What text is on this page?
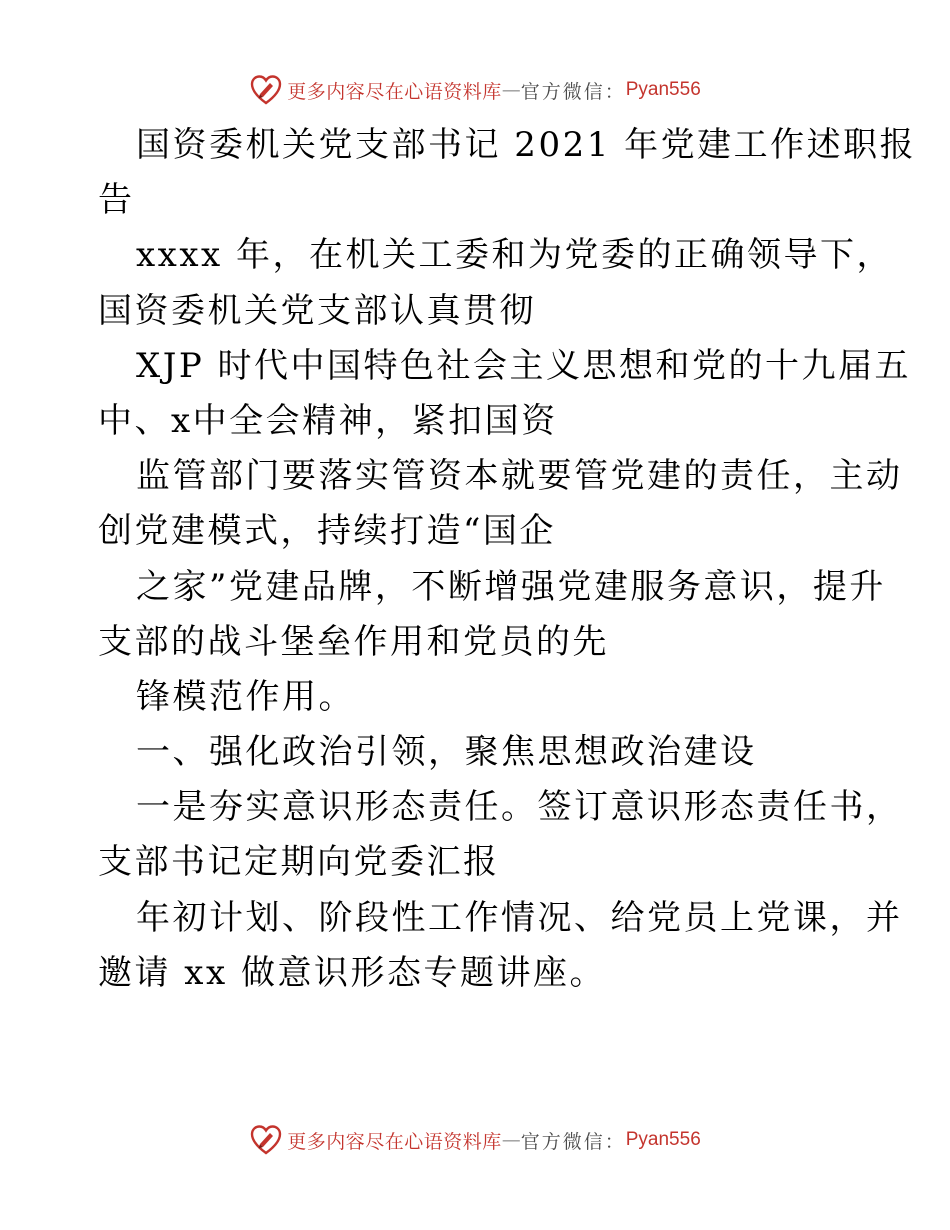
更多内容尽在心语资料库 — 官方微信： Pyan556
国资委机关党支部书记 2021 年党建工作述职报
告
xxxx 年，在机关工委和为党委的正确领导下，
国资委机关党支部认真贯彻
XJP 时代中国特色社会主义思想和党的十九届五
中、x中全会精神，紧扣国资
监管部门要落实管资本就要管党建的责任，主动
创党建模式，持续打造“国企
之家”党建品牌，不断增强党建服务意识，提升
支部的战斗堡垒作用和党员的先
锋模范作用。
一、强化政治引领，聚焦思想政治建设
一是夯实意识形态责任。签订意识形态责任书，
支部书记定期向党委汇报
年初计划、阶段性工作情况、给党员上党课，并
邀请 xx 做意识形态专题讲座。
更多内容尽在心语资料库 — 官方微信： Pyan556
